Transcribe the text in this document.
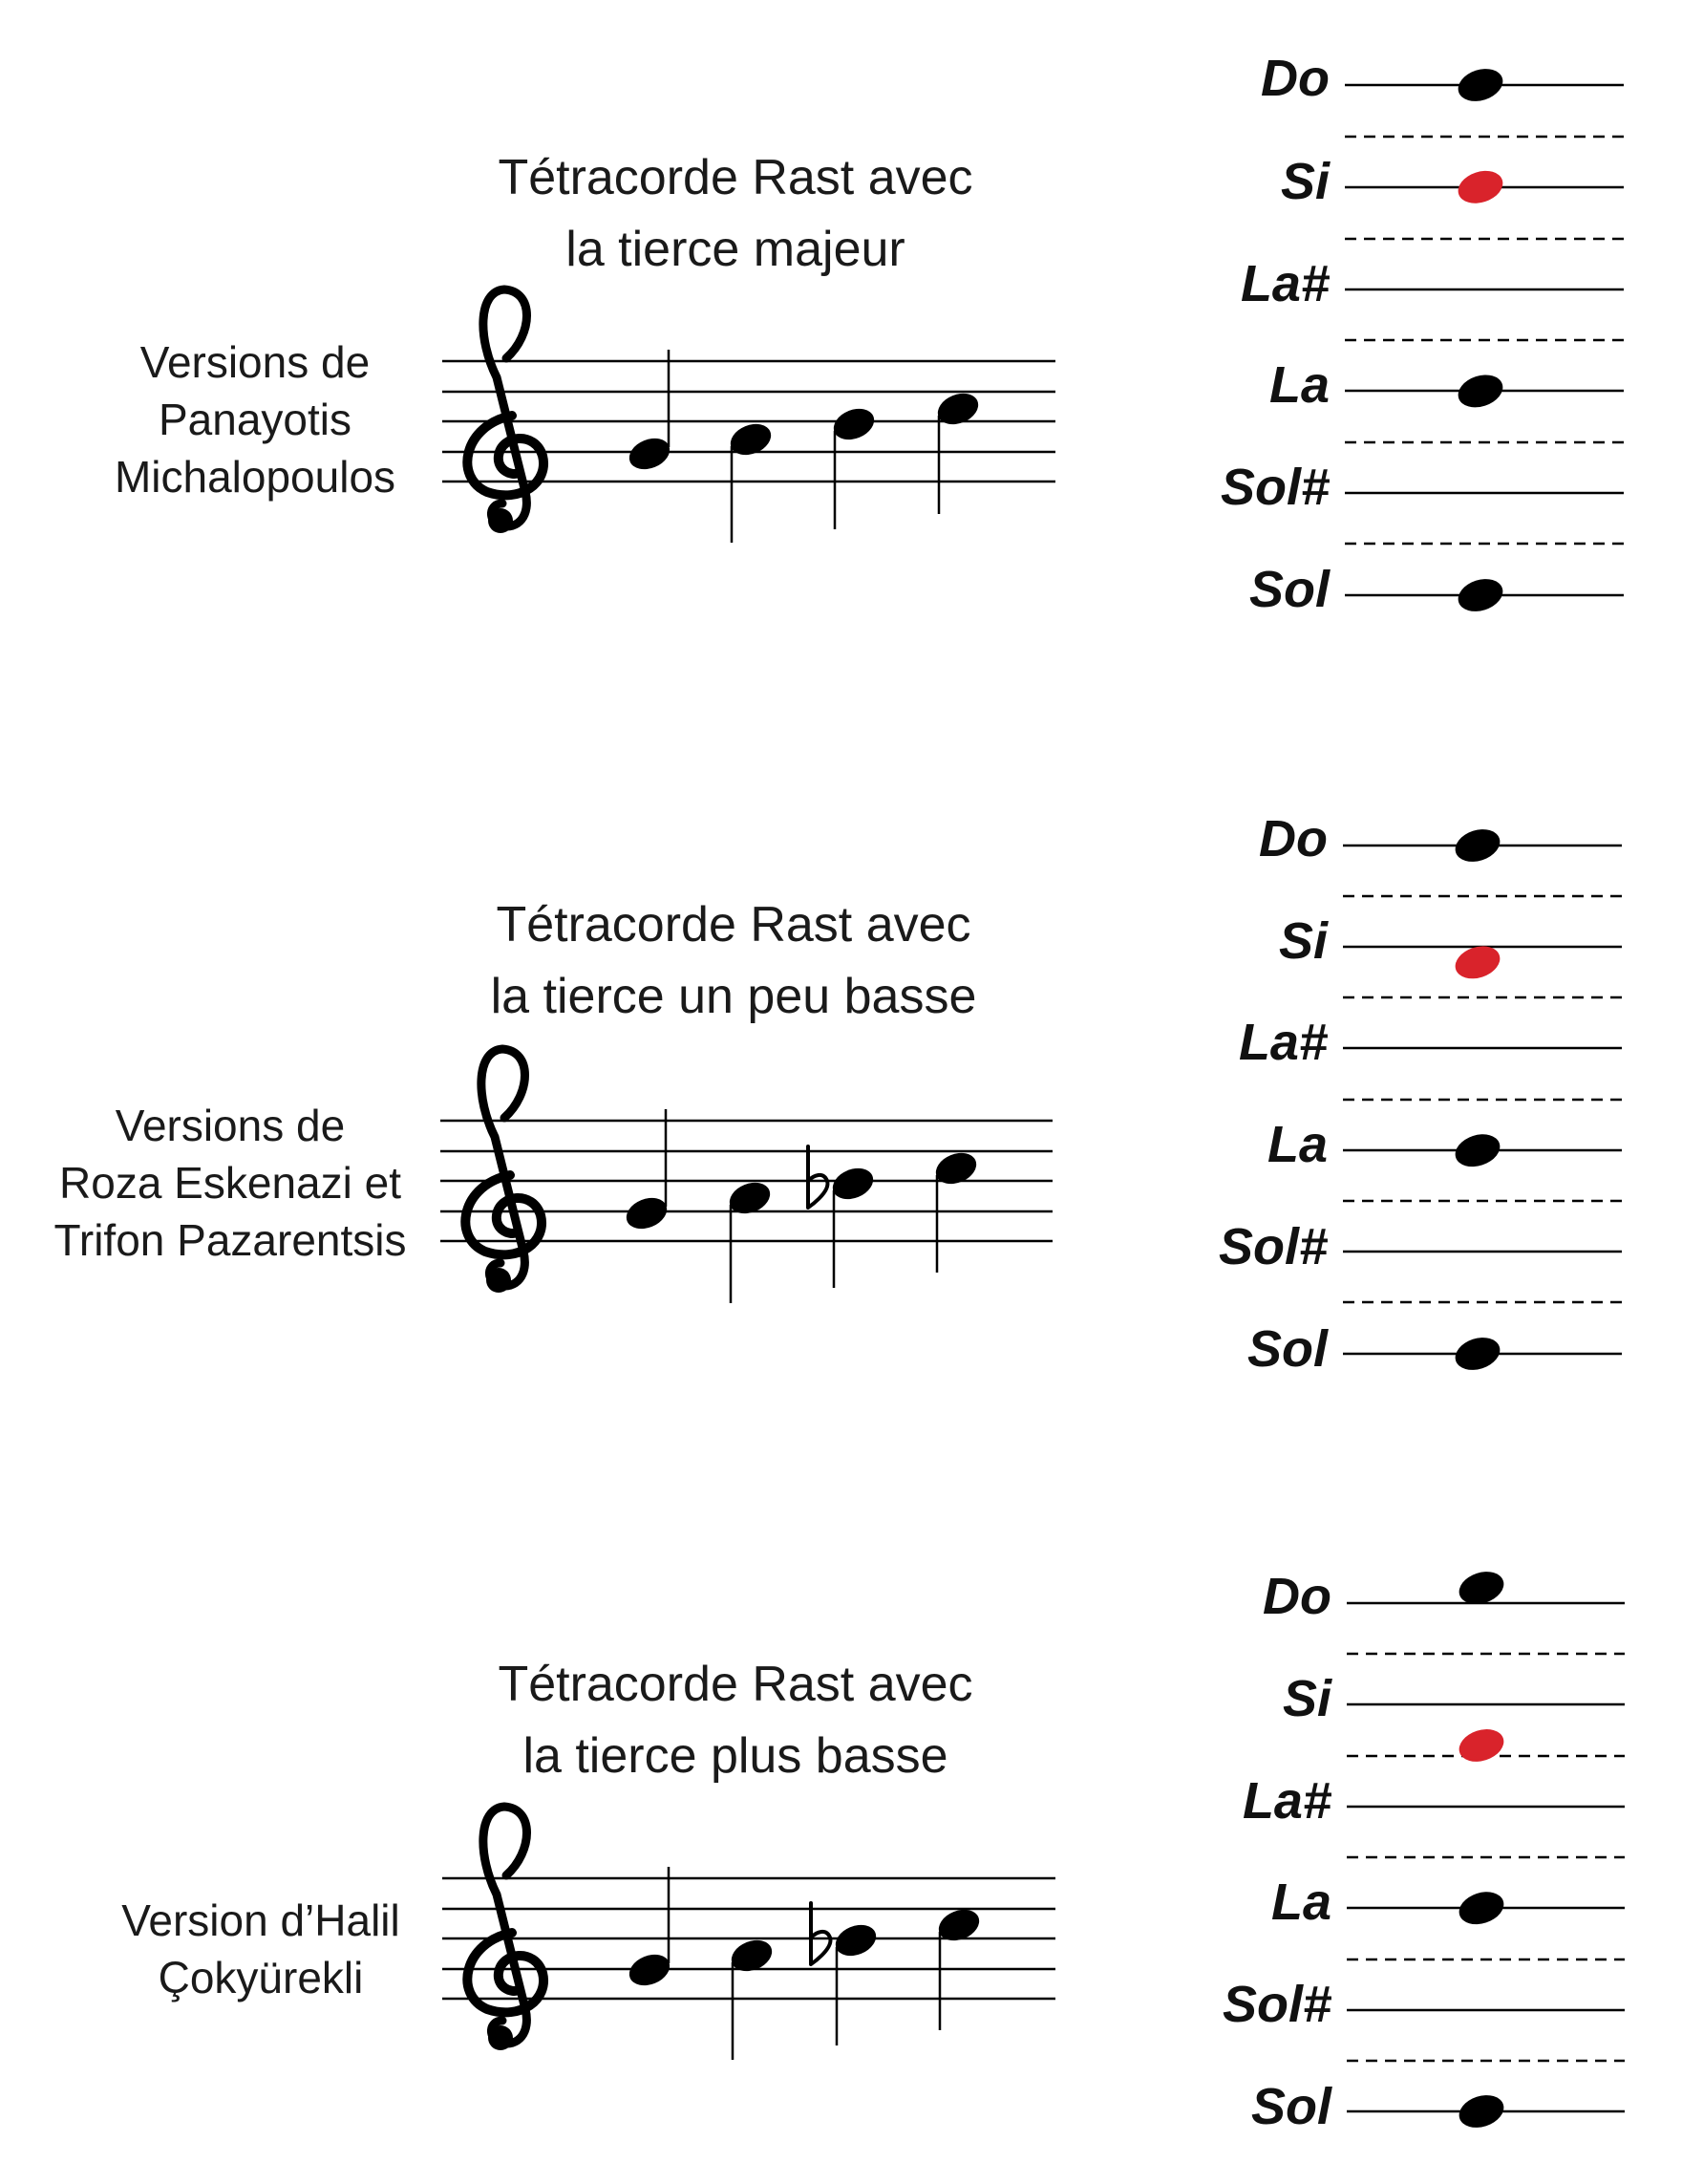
Tétracorde Rast avec
la tierce majeur
Versions de
Panayotis
Michalopoulos
Do
Si
La#
La
Sol#
Sol
Tétracorde Rast avec
la tierce un peu basse
Versions de
Roza Eskenazi et
Trifon Pazarentsis
Do
Si
La#
La
Sol#
Sol
Tétracorde Rast avec
la tierce plus basse
Version d’Halil
Çokyürekli
Do
Si
La#
La
Sol#
Sol
